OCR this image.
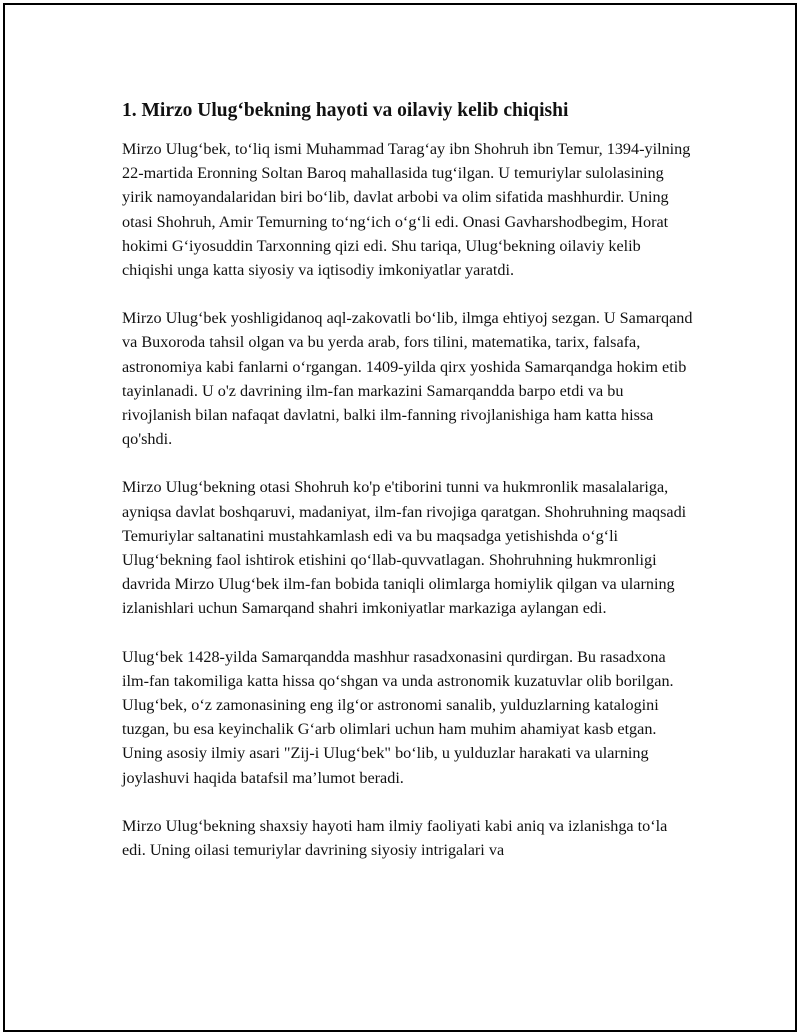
1. Mirzo Ulug‘bekning hayoti va oilaviy kelib chiqishi

Mirzo Ulug‘bek, to‘liq ismi Muhammad Tarag‘ay ibn Shohruh ibn Temur, 1394-yilning 22-martida Eronning Soltan Baroq mahallasida tug‘ilgan. U temuriylar sulolasining yirik namoyandalaridan biri bo‘lib, davlat arbobi va olim sifatida mashhurdir. Uning otasi Shohruh, Amir Temurning to‘ng‘ich o‘g‘li edi. Onasi Gavharshodbegim, Horat hokimi G‘iyosuddin Tarxonning qizi edi. Shu tariqa, Ulug‘bekning oilaviy kelib chiqishi unga katta siyosiy va iqtisodiy imkoniyatlar yaratdi.

Mirzo Ulug‘bek yoshligidanoq aql-zakovatli bo‘lib, ilmga ehtiyoj sezgan. U Samarqand va Buxoroda tahsil olgan va bu yerda arab, fors tilini, matematika, tarix, falsafa, astronomiya kabi fanlarni o‘rgangan. 1409-yilda qirx yoshida Samarqandga hokim etib tayinlanadi. U o'z davrining ilm-fan markazini Samarqandda barpo etdi va bu rivojlanish bilan nafaqat davlatni, balki ilm-fanning rivojlanishiga ham katta hissa qo'shdi.

Mirzo Ulug‘bekning otasi Shohruh ko'p e'tiborini tunni va hukmronlik masalalariga, ayniqsa davlat boshqaruvi, madaniyat, ilm-fan rivojiga qaratgan. Shohruhning maqsadi Temuriylar saltanatini mustahkamlash edi va bu maqsadga yetishishda o‘g‘li Ulug‘bekning faol ishtirok etishini qo‘llab-quvvatlagan. Shohruhning hukmronligi davrida Mirzo Ulug‘bek ilm-fan bobida taniqli olimlarga homiylik qilgan va ularning izlanishlari uchun Samarqand shahri imkoniyatlar markaziga aylangan edi.

Ulug‘bek 1428-yilda Samarqandda mashhur rasadxonasini qurdirgan. Bu rasadxona ilm-fan takomiliga katta hissa qo‘shgan va unda astronomik kuzatuvlar olib borilgan. Ulug‘bek, o‘z zamonasining eng ilg‘or astronomi sanalib, yulduzlarning katalogini tuzgan, bu esa keyinchalik G‘arb olimlari uchun ham muhim ahamiyat kasb etgan. Uning asosiy ilmiy asari "Zij-i Ulug‘bek" bo‘lib, u yulduzlar harakati va ularning joylashuvi haqida batafsil ma’lumot beradi.

Mirzo Ulug‘bekning shaxsiy hayoti ham ilmiy faoliyati kabi aniq va izlanishga to‘la edi. Uning oilasi temuriylar davrining siyosiy intrigalari va
